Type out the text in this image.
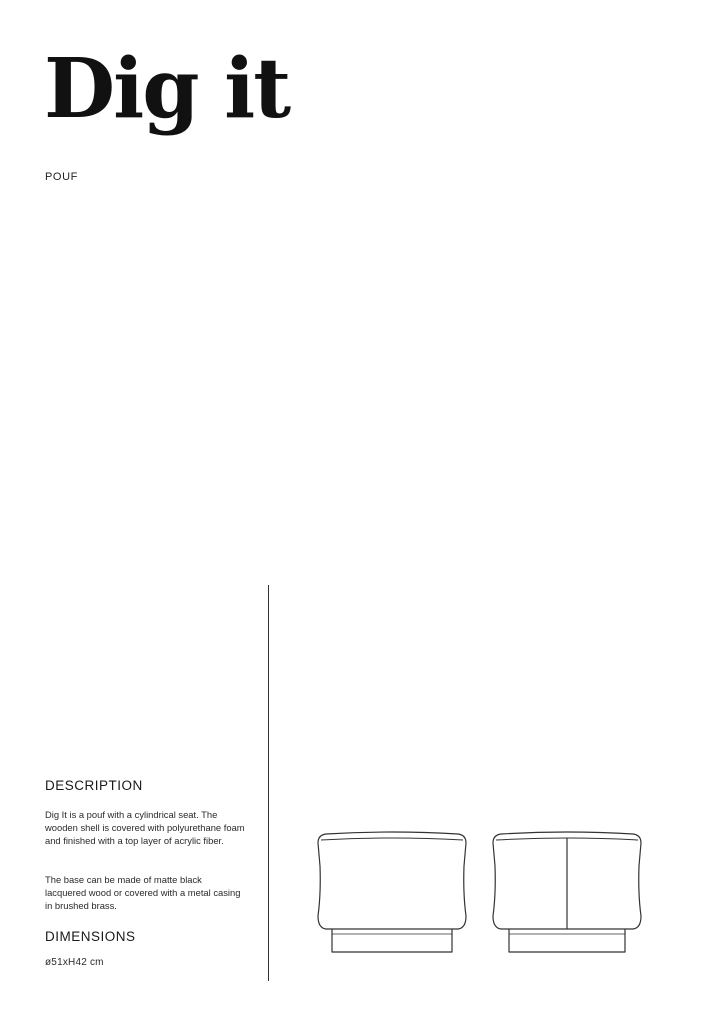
Dig it
POUF
DESCRIPTION

Dig It is a pouf with a cylindrical seat. The wooden shell is covered with polyurethane foam and finished with a top layer of acrylic fiber.

The base can be made of matte black lacquered wood or covered with a metal casing in brushed brass.

DIMENSIONS
ø51xH42 cm
